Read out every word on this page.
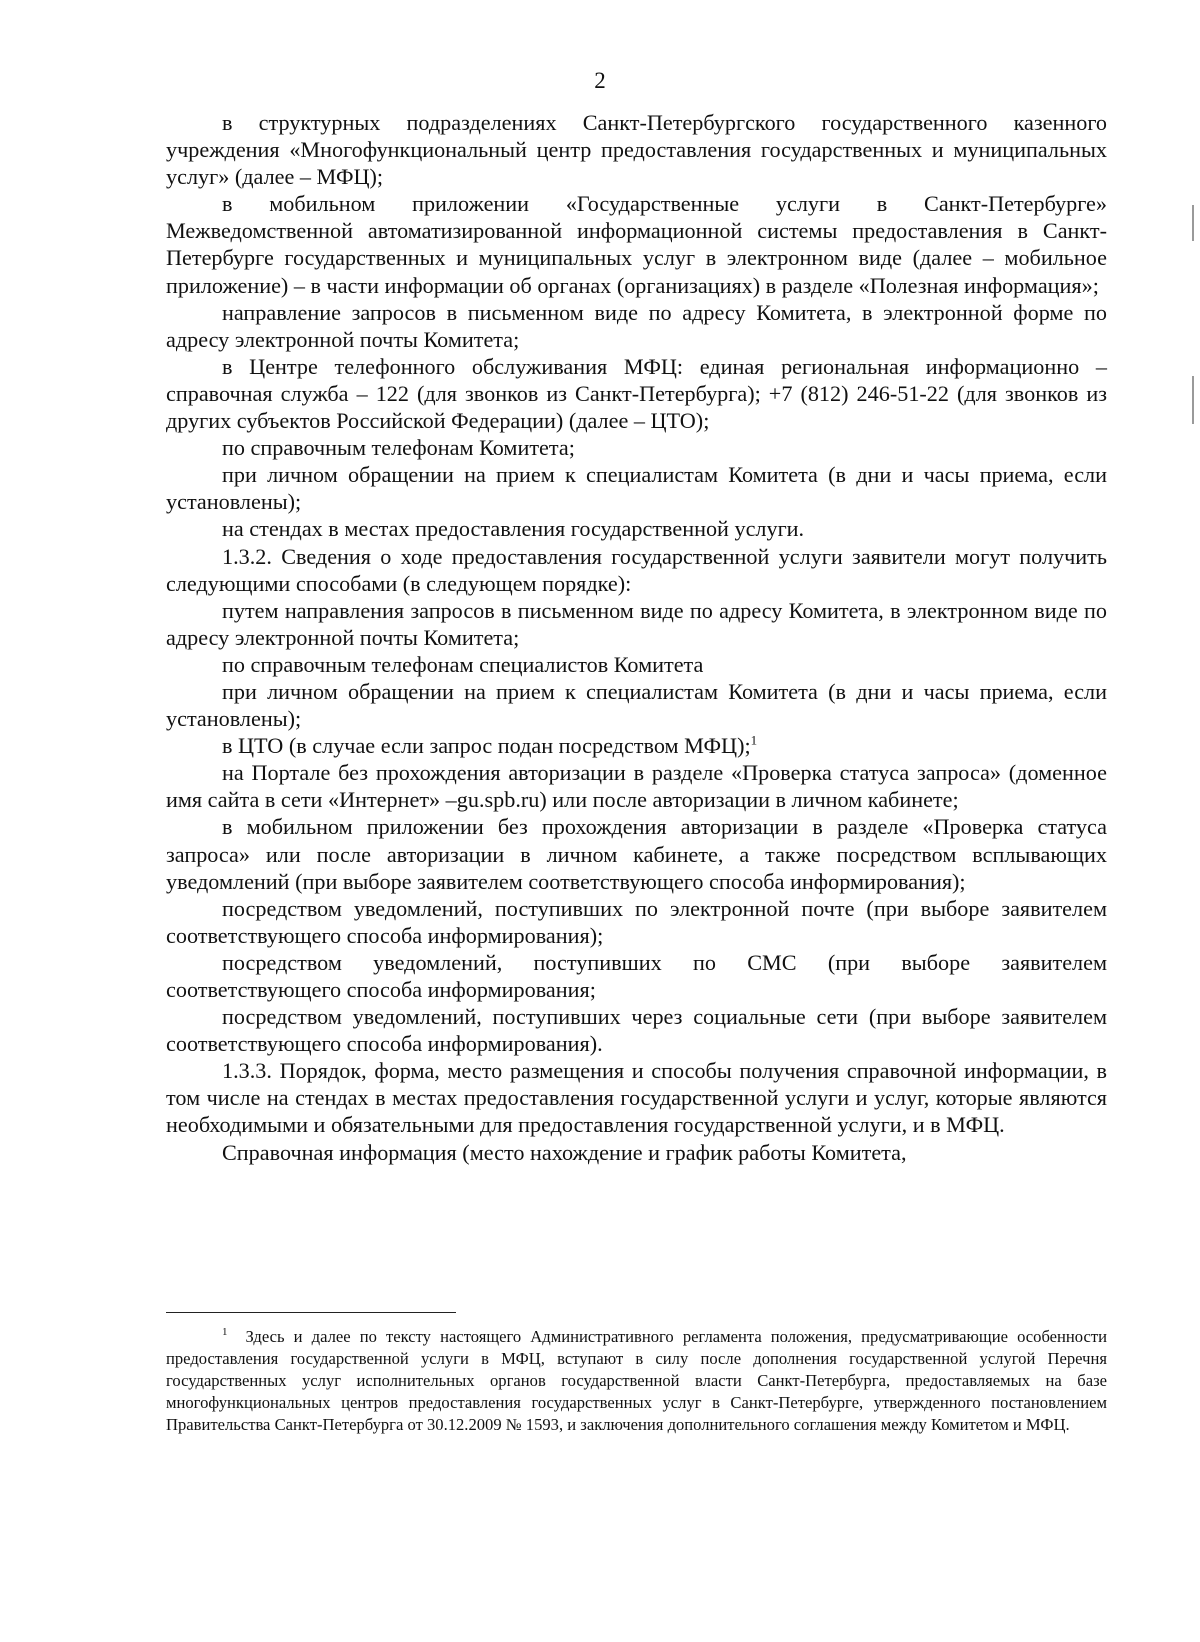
2

в структурных подразделениях Санкт-Петербургского государственного казенного учреждения «Многофункциональный центр предоставления государственных и муниципальных услуг» (далее – МФЦ);

в мобильном приложении «Государственные услуги в Санкт-Петербурге» Межведомственной автоматизированной информационной системы предоставления в Санкт-Петербурге государственных и муниципальных услуг в электронном виде (далее – мобильное приложение) – в части информации об органах (организациях) в разделе «Полезная информация»;

направление запросов в письменном виде по адресу Комитета, в электронной форме по адресу электронной почты Комитета;

в Центре телефонного обслуживания МФЦ: единая региональная информационно – справочная служба – 122 (для звонков из Санкт-Петербурга); +7 (812) 246-51-22 (для звонков из других субъектов Российской Федерации) (далее – ЦТО);

по справочным телефонам Комитета;

при личном обращении на прием к специалистам Комитета (в дни и часы приема, если установлены);

на стендах в местах предоставления государственной услуги.

1.3.2. Сведения о ходе предоставления государственной услуги заявители могут получить следующими способами (в следующем порядке):

путем направления запросов в письменном виде по адресу Комитета, в электронном виде по адресу электронной почты Комитета;

по справочным телефонам специалистов Комитета

при личном обращении на прием к специалистам Комитета (в дни и часы приема, если установлены);

в ЦТО (в случае если запрос подан посредством МФЦ);$^1$

на Портале без прохождения авторизации в разделе «Проверка статуса запроса» (доменное имя сайта в сети «Интернет» –gu.spb.ru) или после авторизации в личном кабинете;

в мобильном приложении без прохождения авторизации в разделе «Проверка статуса запроса» или после авторизации в личном кабинете, а также посредством всплывающих уведомлений (при выборе заявителем соответствующего способа информирования);

посредством уведомлений, поступивших по электронной почте (при выборе заявителем соответствующего способа информирования);

посредством уведомлений, поступивших по СМС (при выборе заявителем соответствующего способа информирования;

посредством уведомлений, поступивших через социальные сети (при выборе заявителем соответствующего способа информирования).

1.3.3. Порядок, форма, место размещения и способы получения справочной информации, в том числе на стендах в местах предоставления государственной услуги и услуг, которые являются необходимыми и обязательными для предоставления государственной услуги, и в МФЦ.

Справочная информация (место нахождение и график работы Комитета,

$^1$ Здесь и далее по тексту настоящего Административного регламента положения, предусматривающие особенности предоставления государственной услуги в МФЦ, вступают в силу после дополнения государственной услугой Перечня государственных услуг исполнительных органов государственной власти Санкт-Петербурга, предоставляемых на базе многофункциональных центров предоставления государственных услуг в Санкт-Петербурге, утвержденного постановлением Правительства Санкт-Петербурга от 30.12.2009 № 1593, и заключения дополнительного соглашения между Комитетом и МФЦ.
